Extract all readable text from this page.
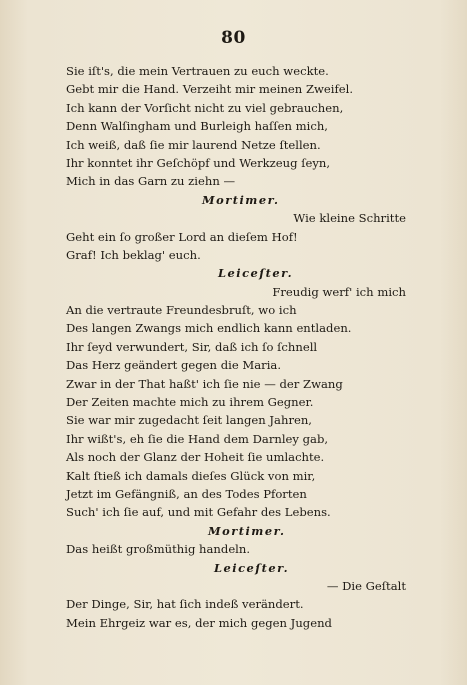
80
Sie iſt's, die mein Vertrauen zu euch weckte.
Gebt mir die Hand. Verzeiht mir meinen Zweifel.
Ich kann der Vorſicht nicht zu viel gebrauchen,
Denn Walſingham und Burleigh haſſen mich,
Ich weiß, daß ſie mir laurend Netze ſtellen.
Ihr konntet ihr Geſchöpf und Werkzeug ſeyn,
Mich in das Garn zu ziehn —
Mortimer.
Wie kleine Schritte
Geht ein ſo großer Lord an dieſem Hof!
Graf! Ich beklag' euch.
Leiceſter.
Freudig werf' ich mich
An die vertraute Freundesbruſt, wo ich
Des langen Zwangs mich endlich kann entladen.
Ihr ſeyd verwundert, Sir, daß ich ſo ſchnell
Das Herz geändert gegen die Maria.
Zwar in der That haßt' ich ſie nie — der Zwang
Der Zeiten machte mich zu ihrem Gegner.
Sie war mir zugedacht ſeit langen Jahren,
Ihr wißt's, eh ſie die Hand dem Darnley gab,
Als noch der Glanz der Hoheit ſie umlachte.
Kalt ſtieß ich damals dieſes Glück von mir,
Jetzt im Gefängniß, an des Todes Pforten
Such' ich ſie auf, und mit Gefahr des Lebens.
Mortimer.
Das heißt großmüthig handeln.
Leiceſter.
— Die Geſtalt
Der Dinge, Sir, hat ſich indeß verändert.
Mein Ehrgeiz war es, der mich gegen Jugend
